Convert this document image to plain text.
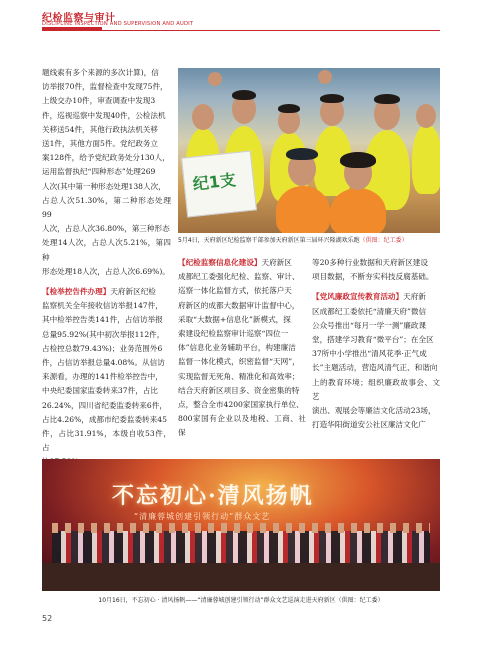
纪检监察与审计
DISCIPLINE INSPECTION AND SUPERVISION AND AUDIT

题线索有多个来源的多次计算)，信

访举报70件，监督检查中发现75件，

上级交办10件，审查调查中发现3

件，巡视巡察中发现40件，公检法机

关移送54件，其他行政执法机关移

送1件，其他方面5件。党纪政务立

案128件，给予党纪政务处分130人，

运用监督执纪“四种形态”处理269

人次(其中第一种形态处理138人次，

占总人次51.30%，第二种形态处理99

人次，占总人次36.80%，第三种形态

处理14人次，占总人次5.21%，第四种

形态处理18人次，占总人次6.69%)。

【检举控告件办理】天府新区纪检

监察机关全年接收信访举报147件，

其中检举控告类141件，占信访举报

总量95.92%(其中初次举报112件，

占检控总数79.43%)；业务范围外6

件，占信访举报总量4.08%。从信访

来源看，办理的141件检举控告中，

中央纪委国家监委转来37件，占比

26.24%，四川省纪委监委转来6件，

占比4.26%，成都市纪委监委转来45

件，占比31.91%，本级自收53件，占

纪1支
5月4日，天府新区纪检监察干部参加天府新区第三届环兴隆湖欢乐跑（供图：纪工委）

【纪检监察信息化建设】天府新区

成都纪工委强化纪检、监察、审计、

巡察一体化监督方式，依托落户天

府新区的成都大数据审计监督中心，

采取“大数据+信息化”新模式，探

索建设纪检监察审计巡察“四位一

体”信息化业务辅助平台，构建廉洁

监督一体化模式，织密监督“天网”，

实现监督无死角、精准化和高效率；

结合天府新区项目多、资金密集的特

点，整合全市4200家国家执行单位、

800家国有企业以及地税、工商、社保

等20多种行业数据和天府新区建设

项目数据，不断夯实科技反腐基础。

【党风廉政宣传教育活动】天府新

区成都纪工委依托“清廉天府”微信

公众号推出“每月一学一测”廉政课

堂，搭建学习教育“微平台”；在全区

37所中小学推出“清风花季·正气成

长”主题活动，营造风清气正、和谐向

上的教育环境；组织廉政故事会、文艺

演出、观展会等廉洁文化活动23场，

打造华阳街道安公社区廉洁文化广

不忘初心·清风扬帆
“清廉蓉城创建引领行动”群众文艺
10月16日，不忘初心 · 清风扬帆——“清廉蓉城创建引领行动”群众文艺巡演走进天府新区（供图：纪工委）
52
